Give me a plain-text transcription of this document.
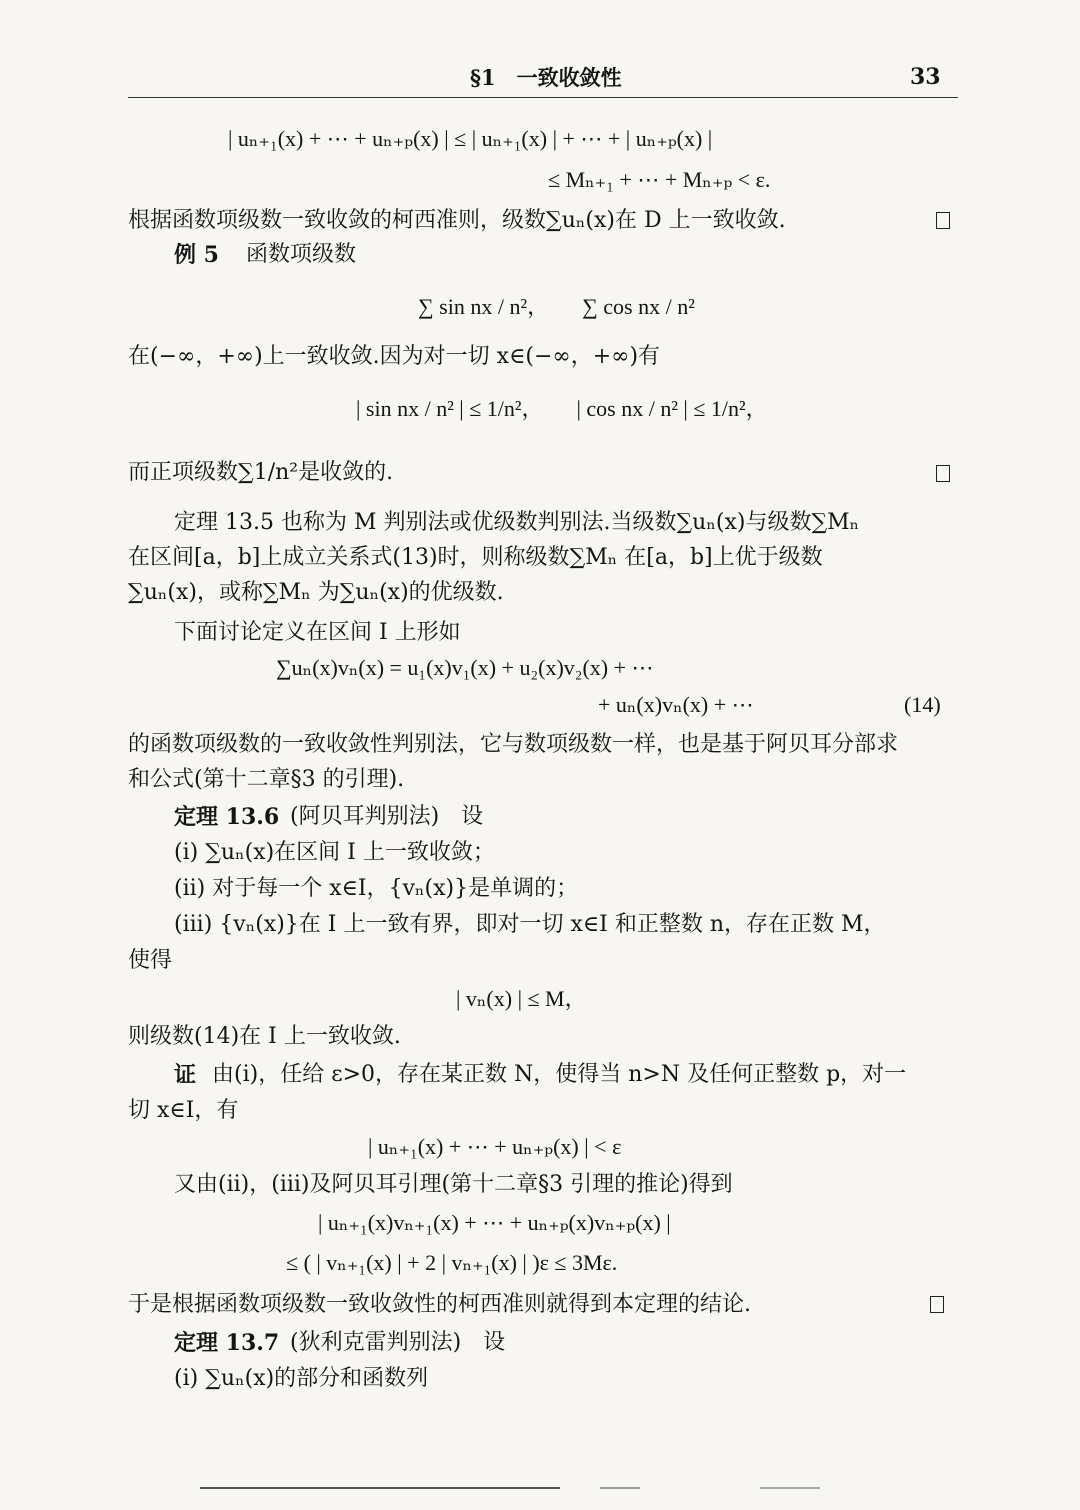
§1　一致收敛性	33
| uₙ₊₁(x) + ⋯ + uₙ₊ₚ(x) | ≤ | uₙ₊₁(x) | + ⋯ + | uₙ₊ₚ(x) |
≤ Mₙ₊₁ + ⋯ + Mₙ₊ₚ < ε.
根据函数项级数一致收敛的柯西准则，级数∑uₙ(x)在 D 上一致收敛.
例 5 函数项级数
∑ sin nx / n²，　　∑ cos nx / n²
在(−∞，+∞)上一致收敛.因为对一切 x∈(−∞，+∞)有
| sin nx / n² | ≤ 1/n²，　　| cos nx / n² | ≤ 1/n²，
而正项级数∑1/n²是收敛的.
定理 13.5 也称为 M 判别法或优级数判别法.当级数∑uₙ(x)与级数∑Mₙ
在区间[a，b]上成立关系式(13)时，则称级数∑Mₙ 在[a，b]上优于级数
∑uₙ(x)，或称∑Mₙ 为∑uₙ(x)的优级数.
下面讨论定义在区间 I 上形如
∑uₙ(x)vₙ(x) = u₁(x)v₁(x) + u₂(x)v₂(x) + ⋯
+ uₙ(x)vₙ(x) + ⋯	(14)
的函数项级数的一致收敛性判别法，它与数项级数一样，也是基于阿贝耳分部求
和公式(第十二章§3 的引理).
定理 13.6 (阿贝耳判别法)　设
(i) ∑uₙ(x)在区间 I 上一致收敛；
(ii) 对于每一个 x∈I，{vₙ(x)}是单调的；
(iii) {vₙ(x)}在 I 上一致有界，即对一切 x∈I 和正整数 n，存在正数 M，
使得
| vₙ(x) | ≤ M，
则级数(14)在 I 上一致收敛.
证 由(i)，任给 ε>0，存在某正数 N，使得当 n>N 及任何正整数 p，对一
切 x∈I，有
| uₙ₊₁(x) + ⋯ + uₙ₊ₚ(x) | < ε
又由(ii)，(iii)及阿贝耳引理(第十二章§3 引理的推论)得到
| uₙ₊₁(x)vₙ₊₁(x) + ⋯ + uₙ₊ₚ(x)vₙ₊ₚ(x) |
≤ ( | vₙ₊₁(x) | + 2 | vₙ₊₁(x) | )ε ≤ 3Mε.
于是根据函数项级数一致收敛性的柯西准则就得到本定理的结论.
定理 13.7 (狄利克雷判别法)　设
(i) ∑uₙ(x)的部分和函数列
